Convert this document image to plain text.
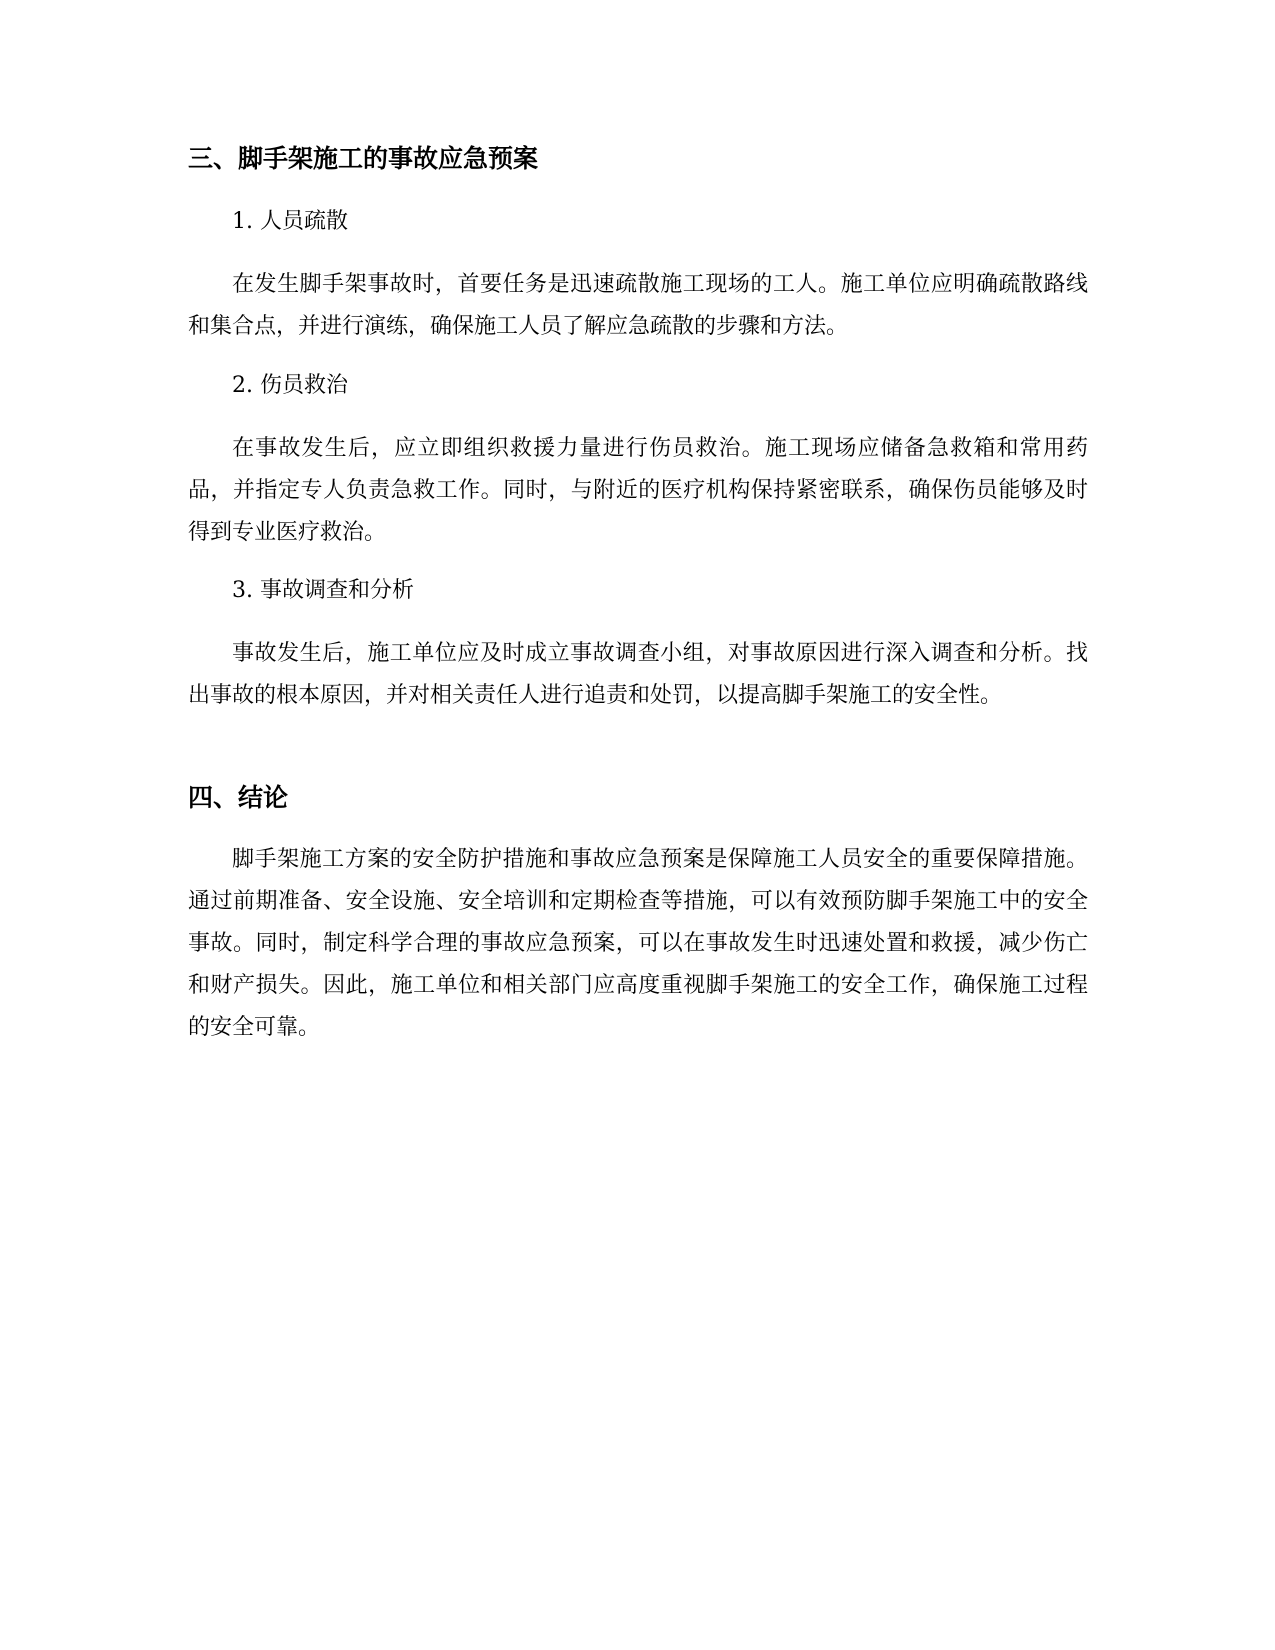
三、脚手架施工的事故应急预案

1. 人员疏散

在发生脚手架事故时，首要任务是迅速疏散施工现场的工人。施工单位应明确疏散路线和集合点，并进行演练，确保施工人员了解应急疏散的步骤和方法。

2. 伤员救治

在事故发生后，应立即组织救援力量进行伤员救治。施工现场应储备急救箱和常用药品，并指定专人负责急救工作。同时，与附近的医疗机构保持紧密联系，确保伤员能够及时得到专业医疗救治。

3. 事故调查和分析

事故发生后，施工单位应及时成立事故调查小组，对事故原因进行深入调查和分析。找出事故的根本原因，并对相关责任人进行追责和处罚，以提高脚手架施工的安全性。

四、结论

脚手架施工方案的安全防护措施和事故应急预案是保障施工人员安全的重要保障措施。通过前期准备、安全设施、安全培训和定期检查等措施，可以有效预防脚手架施工中的安全事故。同时，制定科学合理的事故应急预案，可以在事故发生时迅速处置和救援，减少伤亡和财产损失。因此，施工单位和相关部门应高度重视脚手架施工的安全工作，确保施工过程的安全可靠。
